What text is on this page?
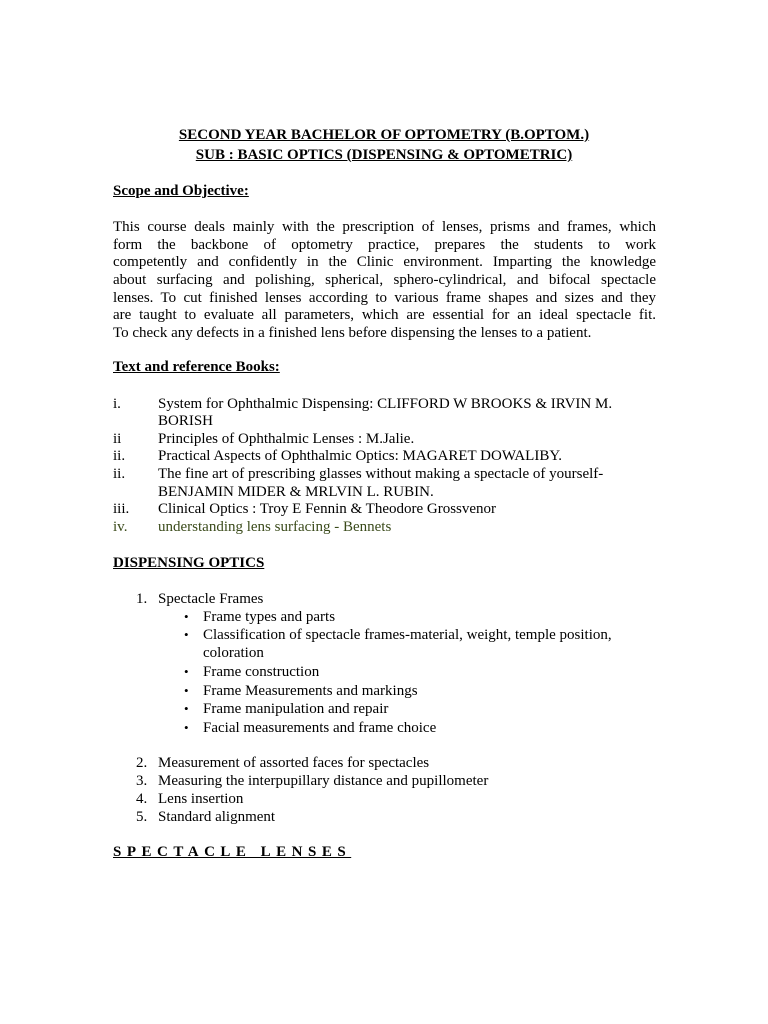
SECOND YEAR BACHELOR OF OPTOMETRY (B.OPTOM.)
SUB : BASIC OPTICS (DISPENSING & OPTOMETRIC)
Scope and Objective:
This course deals mainly with the prescription of lenses, prisms and frames, which
form the backbone of optometry practice, prepares the students to work
competently and confidently in the Clinic environment. Imparting the knowledge
about surfacing and polishing, spherical, sphero-cylindrical, and bifocal spectacle
lenses. To cut finished lenses according to various frame shapes and sizes and they
are taught to evaluate all parameters, which are essential for an ideal spectacle fit.
To check any defects in a finished lens before dispensing the lenses to a patient.
Text and reference Books:
i. System for Ophthalmic Dispensing: CLIFFORD W BROOKS & IRVIN M.
BORISH
ii Principles of Ophthalmic Lenses : M.Jalie.
ii. Practical Aspects of Ophthalmic Optics: MAGARET DOWALIBY.
ii. The fine art of prescribing glasses without making a spectacle of yourself-
BENJAMIN MIDER & MRLVIN L. RUBIN.
iii. Clinical Optics : Troy E Fennin & Theodore Grossvenor
iv. understanding lens surfacing - Bennets
DISPENSING OPTICS
1. Spectacle Frames
• Frame types and parts
• Classification of spectacle frames-material, weight, temple position,
coloration
• Frame construction
• Frame Measurements and markings
• Frame manipulation and repair
• Facial measurements and frame choice
2. Measurement of assorted faces for spectacles
3. Measuring the interpupillary distance and pupillometer
4. Lens insertion
5. Standard alignment
SPECTACLE LENSES
